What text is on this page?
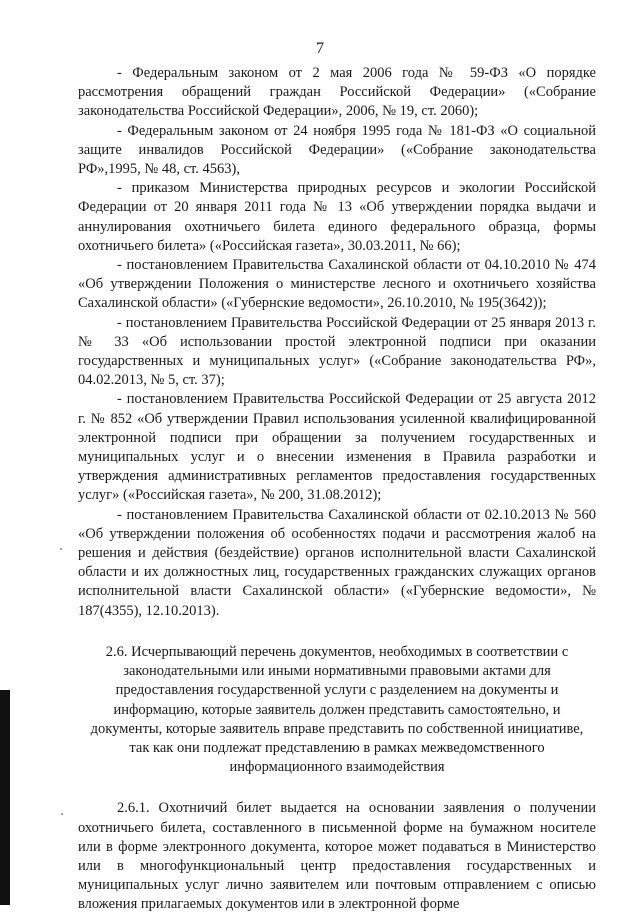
7

- Федеральным законом от 2 мая 2006 года № 59-ФЗ «О порядке рассмотрения обращений граждан Российской Федерации» («Собрание законодательства Российской Федерации», 2006, № 19, ст. 2060);

- Федеральным законом от 24 ноября 1995 года № 181-ФЗ «О социальной защите инвалидов Российской Федерации» («Собрание законодательства РФ»,1995, № 48, ст. 4563),

- приказом Министерства природных ресурсов и экологии Российской Федерации от 20 января 2011 года № 13 «Об утверждении порядка выдачи и аннулирования охотничьего билета единого федерального образца, формы охотничьего билета» («Российская газета», 30.03.2011, № 66);

- постановлением Правительства Сахалинской области от 04.10.2010 № 474 «Об утверждении Положения о министерстве лесного и охотничьего хозяйства Сахалинской области» («Губернские ведомости», 26.10.2010, № 195(3642));

- постановлением Правительства Российской Федерации от 25 января 2013 г. № 33 «Об использовании простой электронной подписи при оказании государственных и муниципальных услуг» («Собрание законодательства РФ», 04.02.2013, № 5, ст. 37);

- постановлением Правительства Российской Федерации от 25 августа 2012 г. № 852 «Об утверждении Правил использования усиленной квалифицированной электронной подписи при обращении за получением государственных и муниципальных услуг и о внесении изменения в Правила разработки и утверждения административных регламентов предоставления государственных услуг» («Российская газета», № 200, 31.08.2012);

- постановлением Правительства Сахалинской области от 02.10.2013 № 560 «Об утверждении положения об особенностях подачи и рассмотрения жалоб на решения и действия (бездействие) органов исполнительной власти Сахалинской области и их должностных лиц, государственных гражданских служащих органов исполнительной власти Сахалинской области» («Губернские ведомости», № 187(4355), 12.10.2013).

2.6. Исчерпывающий перечень документов, необходимых в соответствии с законодательными или иными нормативными правовыми актами для предоставления государственной услуги с разделением на документы и информацию, которые заявитель должен представить самостоятельно, и документы, которые заявитель вправе представить по собственной инициативе, так как они подлежат представлению в рамках межведомственного информационного взаимодействия

2.6.1. Охотничий билет выдается на основании заявления о получении охотничьего билета, составленного в письменной форме на бумажном носителе или в форме электронного документа, которое может подаваться в Министерство или в многофункциональный центр предоставления государственных и муниципальных услуг лично заявителем или почтовым отправлением с описью вложения прилагаемых документов или в электронной форме
